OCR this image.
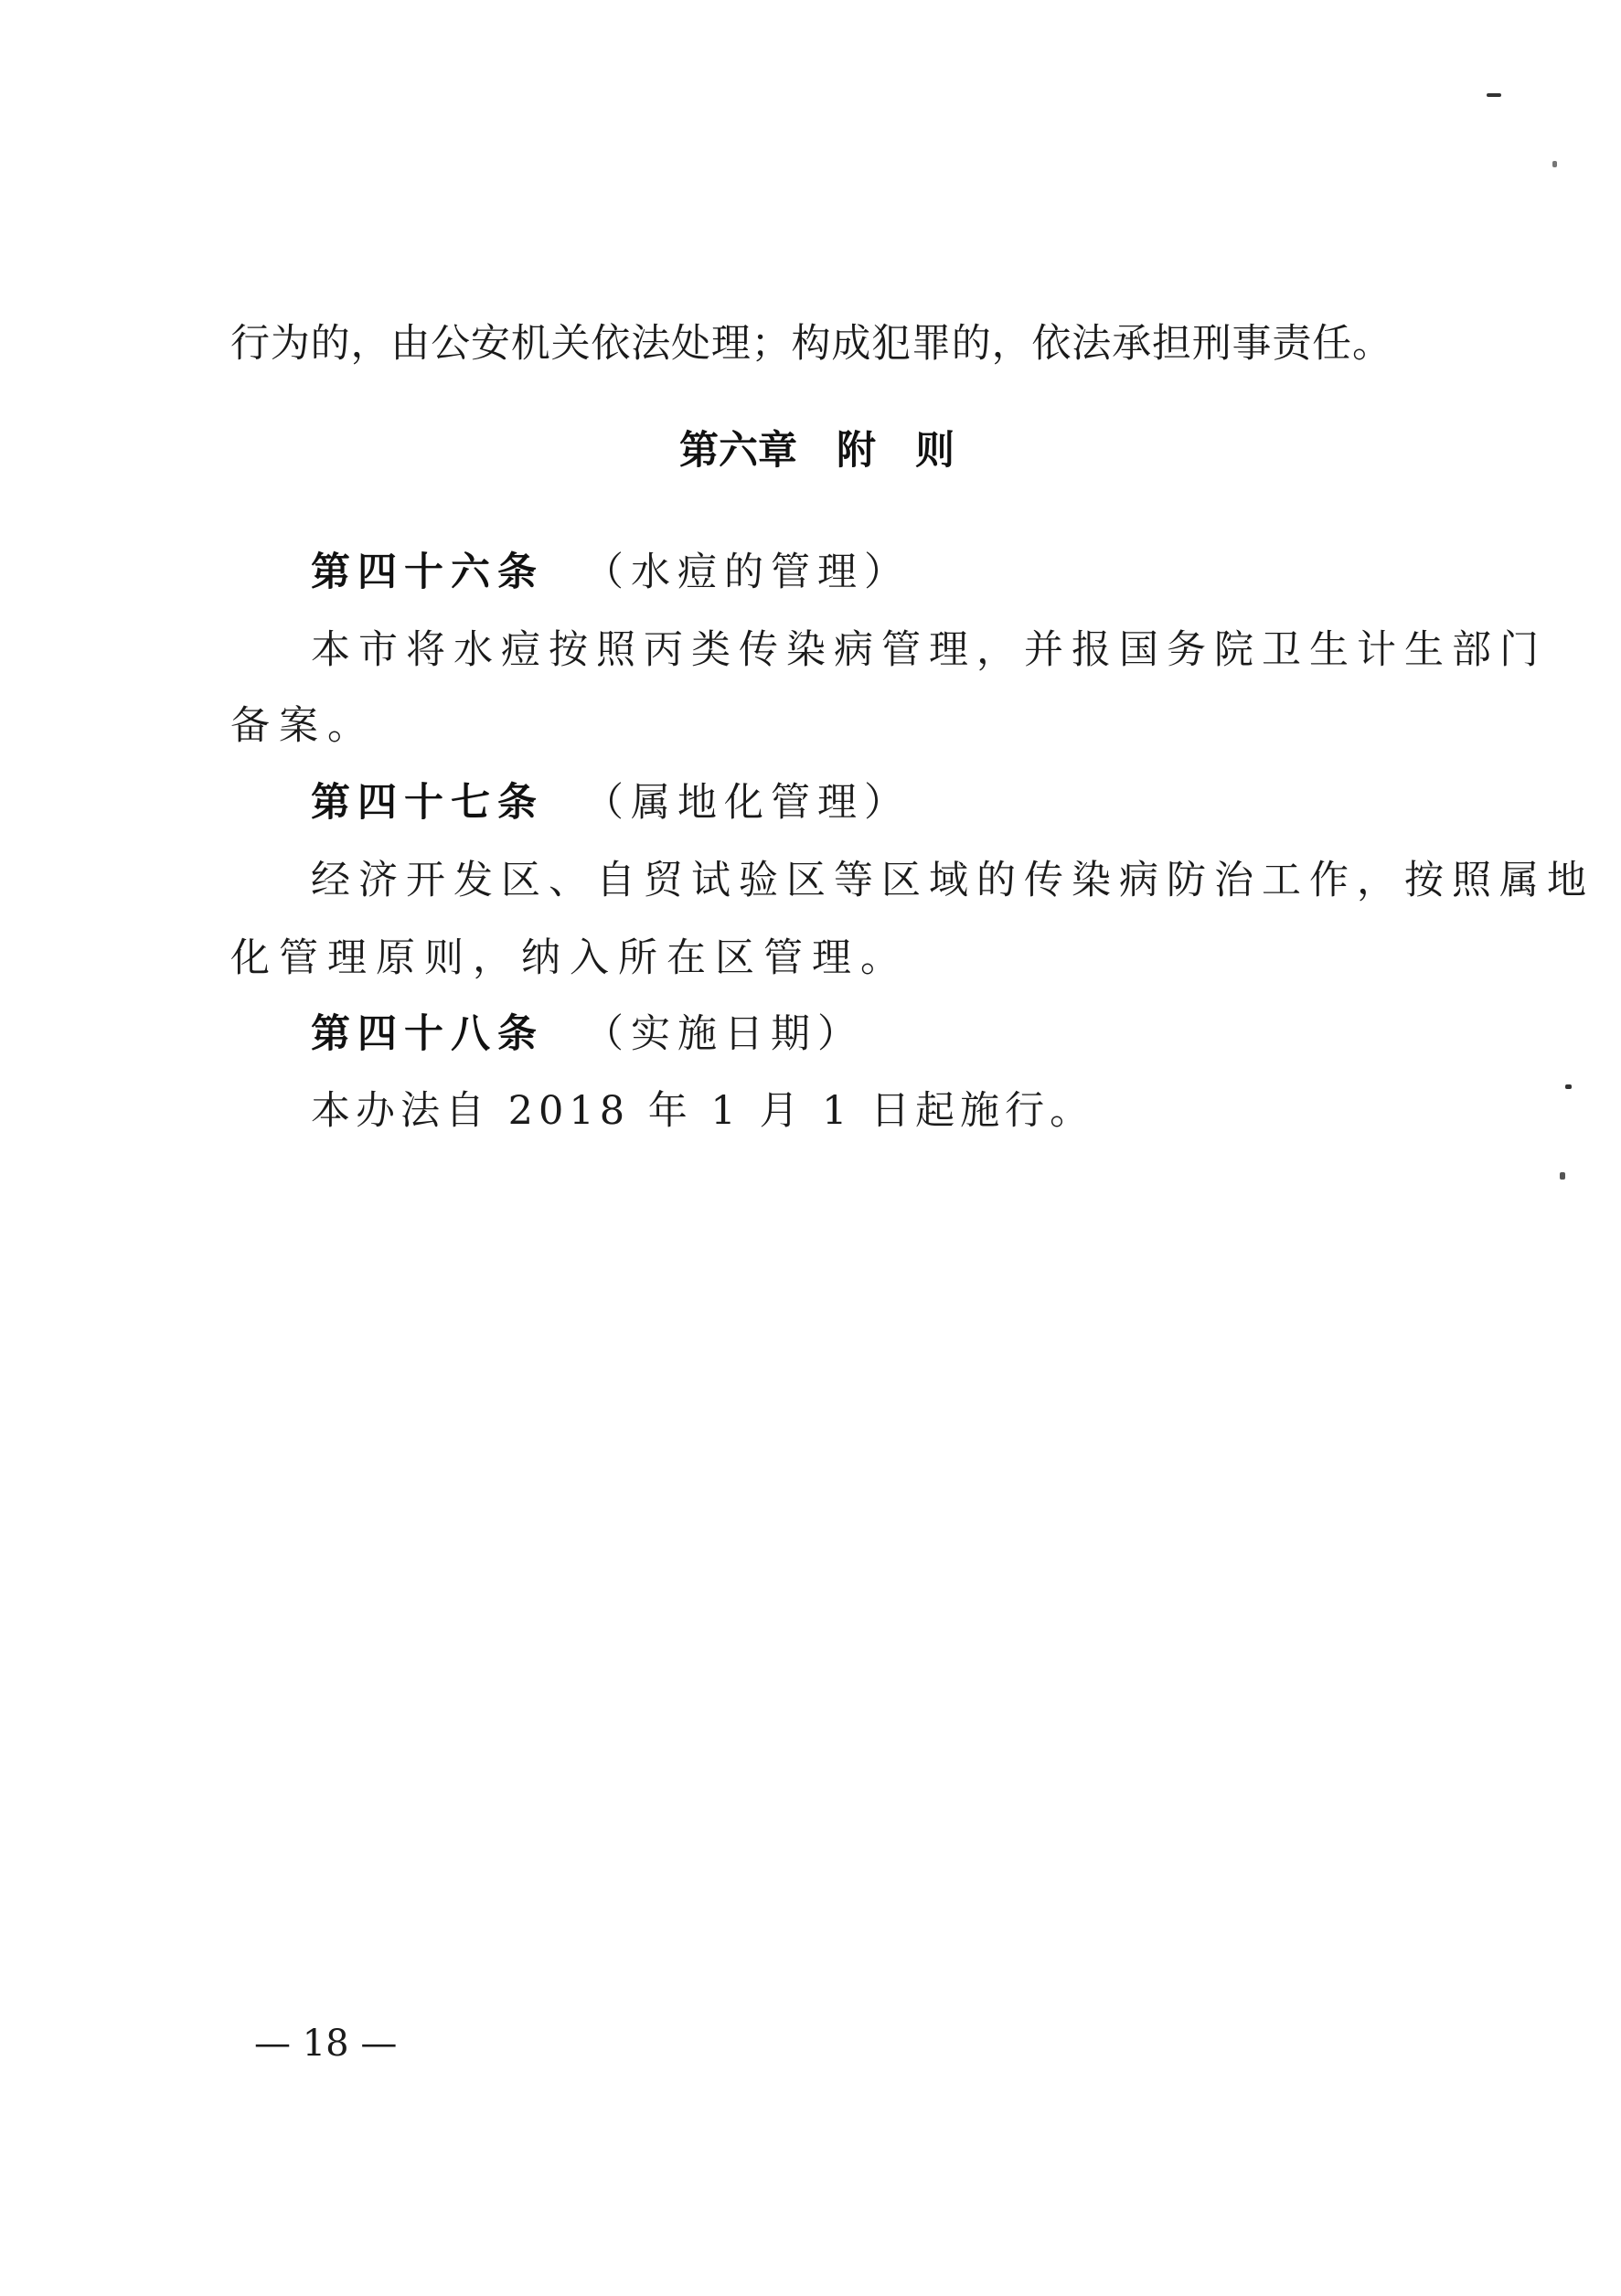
行为的，由公安机关依法处理；构成犯罪的，依法承担刑事责任。
第六章　附　则
第四十六条 （水痘的管理）
本市将水痘按照丙类传染病管理，并报国务院卫生计生部门
备案。
第四十七条 （属地化管理）
经济开发区、自贸试验区等区域的传染病防治工作，按照属地
化管理原则，纳入所在区管理。
第四十八条 （实施日期）
本办法自 2018 年 1 月 1 日起施行。
— 18 —
